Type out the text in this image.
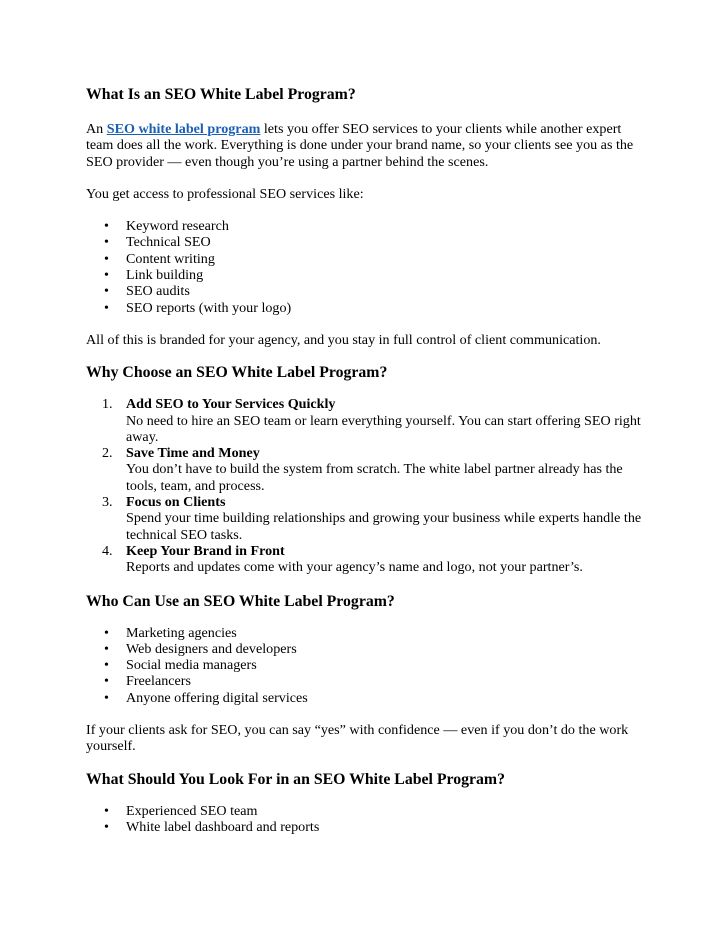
What Is an SEO White Label Program?

An SEO white label program lets you offer SEO services to your clients while another expert team does all the work. Everything is done under your brand name, so your clients see you as the SEO provider — even though you’re using a partner behind the scenes.

You get access to professional SEO services like:

• Keyword research
• Technical SEO
• Content writing
• Link building
• SEO audits
• SEO reports (with your logo)

All of this is branded for your agency, and you stay in full control of client communication.

Why Choose an SEO White Label Program?
1. Add SEO to Your Services Quickly
No need to hire an SEO team or learn everything yourself. You can start offering SEO right away.
2. Save Time and Money
You don’t have to build the system from scratch. The white label partner already has the tools, team, and process.
3. Focus on Clients
Spend your time building relationships and growing your business while experts handle the technical SEO tasks.
4. Keep Your Brand in Front
Reports and updates come with your agency’s name and logo, not your partner’s.
Who Can Use an SEO White Label Program?
• Marketing agencies
• Web designers and developers
• Social media managers
• Freelancers
• Anyone offering digital services

If your clients ask for SEO, you can say “yes” with confidence — even if you don’t do the work yourself.

What Should You Look For in an SEO White Label Program?
• Experienced SEO team
• White label dashboard and reports
